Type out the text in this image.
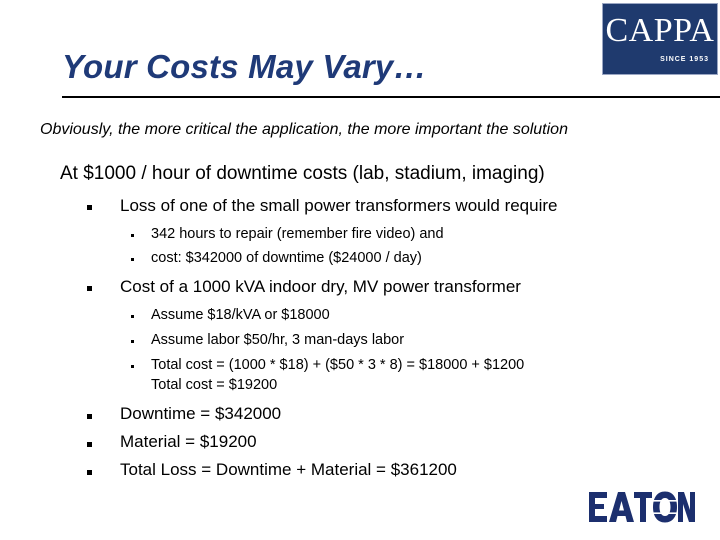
Your Costs May Vary…
CAPPA
SINCE 1953
Obviously, the more critical the application, the more important the solution
At $1000 / hour of downtime costs (lab, stadium, imaging)
Loss of one of the small power transformers would require
342 hours to repair (remember fire video) and
cost: $342000 of downtime ($24000 / day)
Cost of a 1000 kVA indoor dry, MV power transformer
Assume $18/kVA or $18000
Assume labor $50/hr, 3 man-days labor
Total cost = (1000 * $18) + ($50 * 3 * 8) = $18000 + $1200
Total cost = $19200
Downtime = $342000
Material = $19200
Total Loss = Downtime + Material = $361200
